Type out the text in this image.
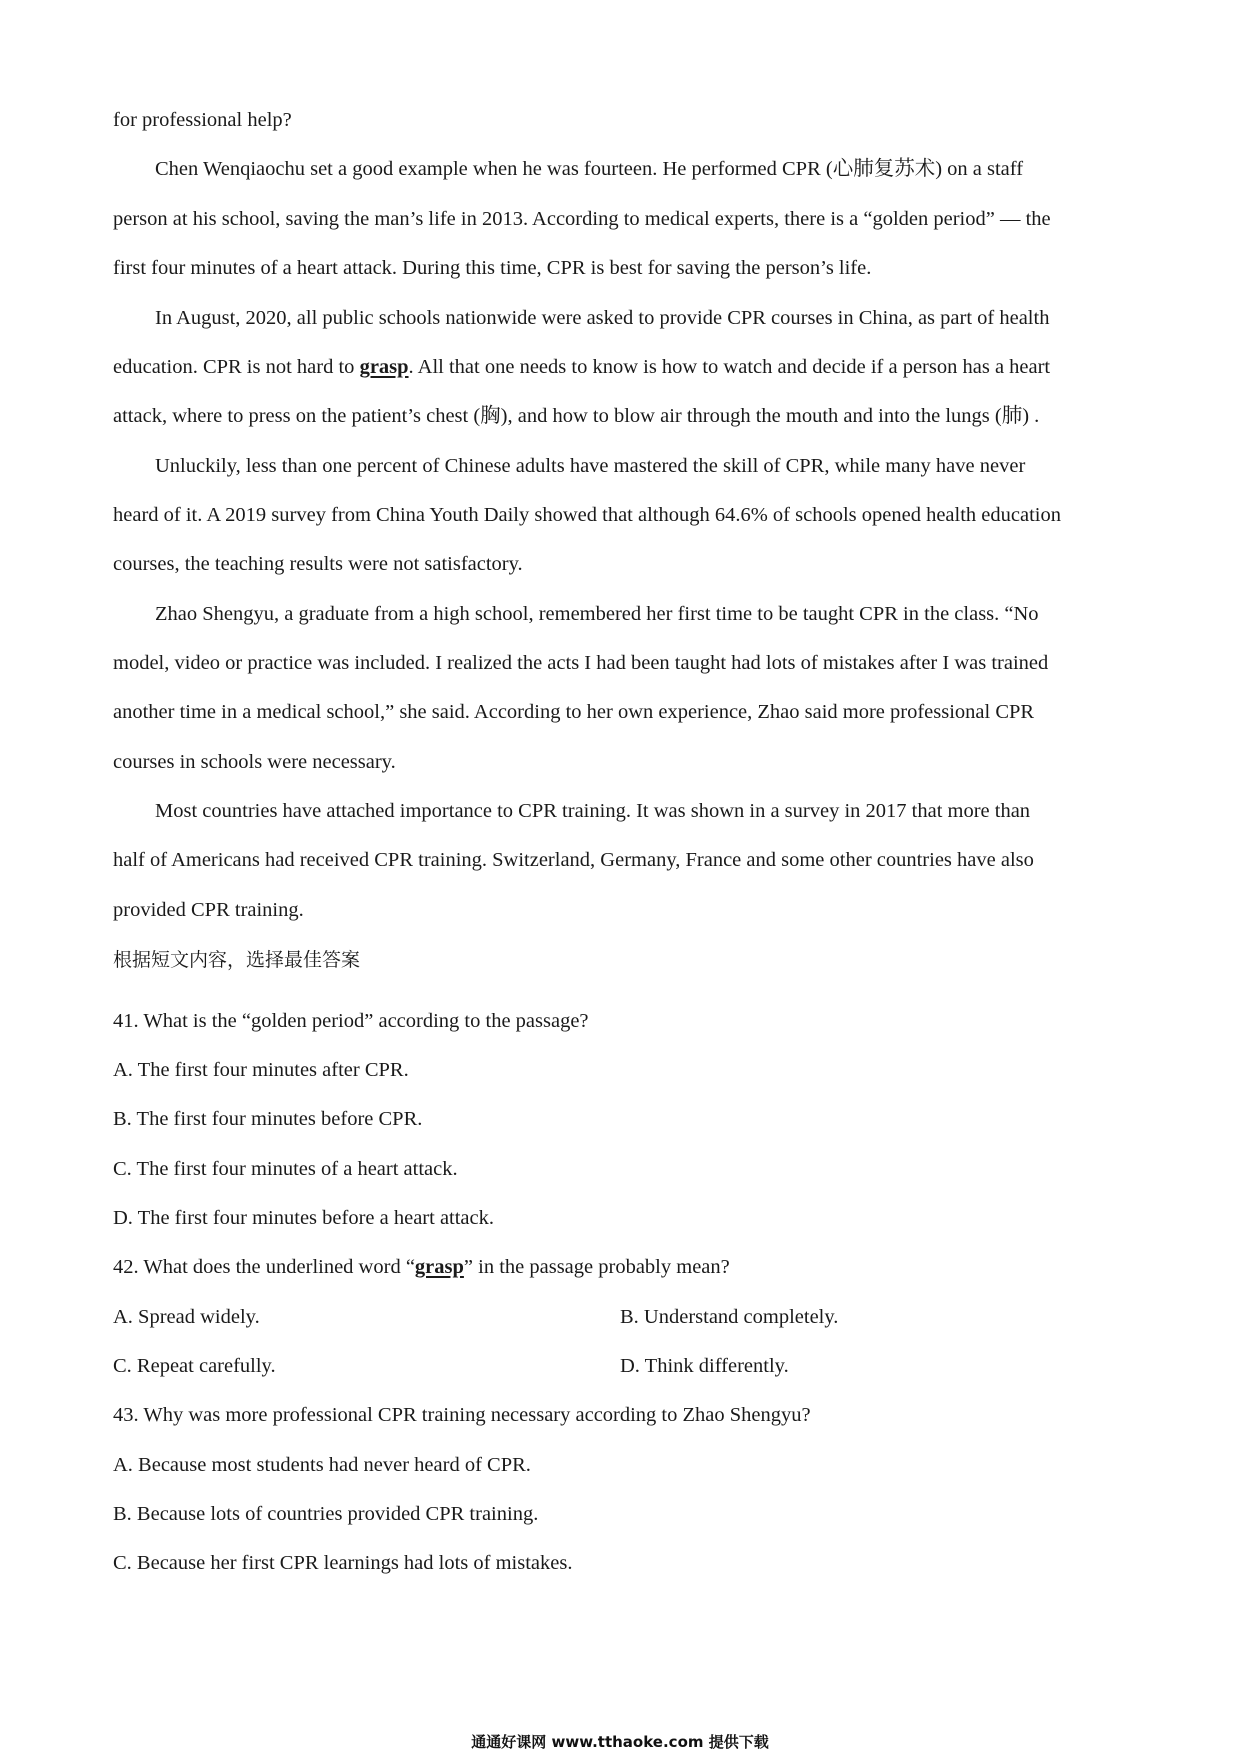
for professional help?
Chen Wenqiaochu set a good example when he was fourteen. He performed CPR (心肺复苏术) on a staff
person at his school, saving the man’s life in 2013. According to medical experts, there is a “golden period” — the
first four minutes of a heart attack. During this time, CPR is best for saving the person’s life.
In August, 2020, all public schools nationwide were asked to provide CPR courses in China, as part of health
education. CPR is not hard to grasp. All that one needs to know is how to watch and decide if a person has a heart
attack, where to press on the patient’s chest (胸), and how to blow air through the mouth and into the lungs (肺) .
Unluckily, less than one percent of Chinese adults have mastered the skill of CPR, while many have never
heard of it. A 2019 survey from China Youth Daily showed that although 64.6% of schools opened health education
courses, the teaching results were not satisfactory.
Zhao Shengyu, a graduate from a high school, remembered her first time to be taught CPR in the class. “No
model, video or practice was included. I realized the acts I had been taught had lots of mistakes after I was trained
another time in a medical school,” she said. According to her own experience, Zhao said more professional CPR
courses in schools were necessary.
Most countries have attached importance to CPR training. It was shown in a survey in 2017 that more than
half of Americans had received CPR training. Switzerland, Germany, France and some other countries have also
provided CPR training.
根据短文内容，选择最佳答案
41. What is the “golden period” according to the passage?
A. The first four minutes after CPR.
B. The first four minutes before CPR.
C. The first four minutes of a heart attack.
D. The first four minutes before a heart attack.
42. What does the underlined word “grasp” in the passage probably mean?
A. Spread widely.	B. Understand completely.
C. Repeat carefully.	D. Think differently.
43. Why was more professional CPR training necessary according to Zhao Shengyu?
A. Because most students had never heard of CPR.
B. Because lots of countries provided CPR training.
C. Because her first CPR learnings had lots of mistakes.
通通好课网 www.tthaoke.com 提供下载
